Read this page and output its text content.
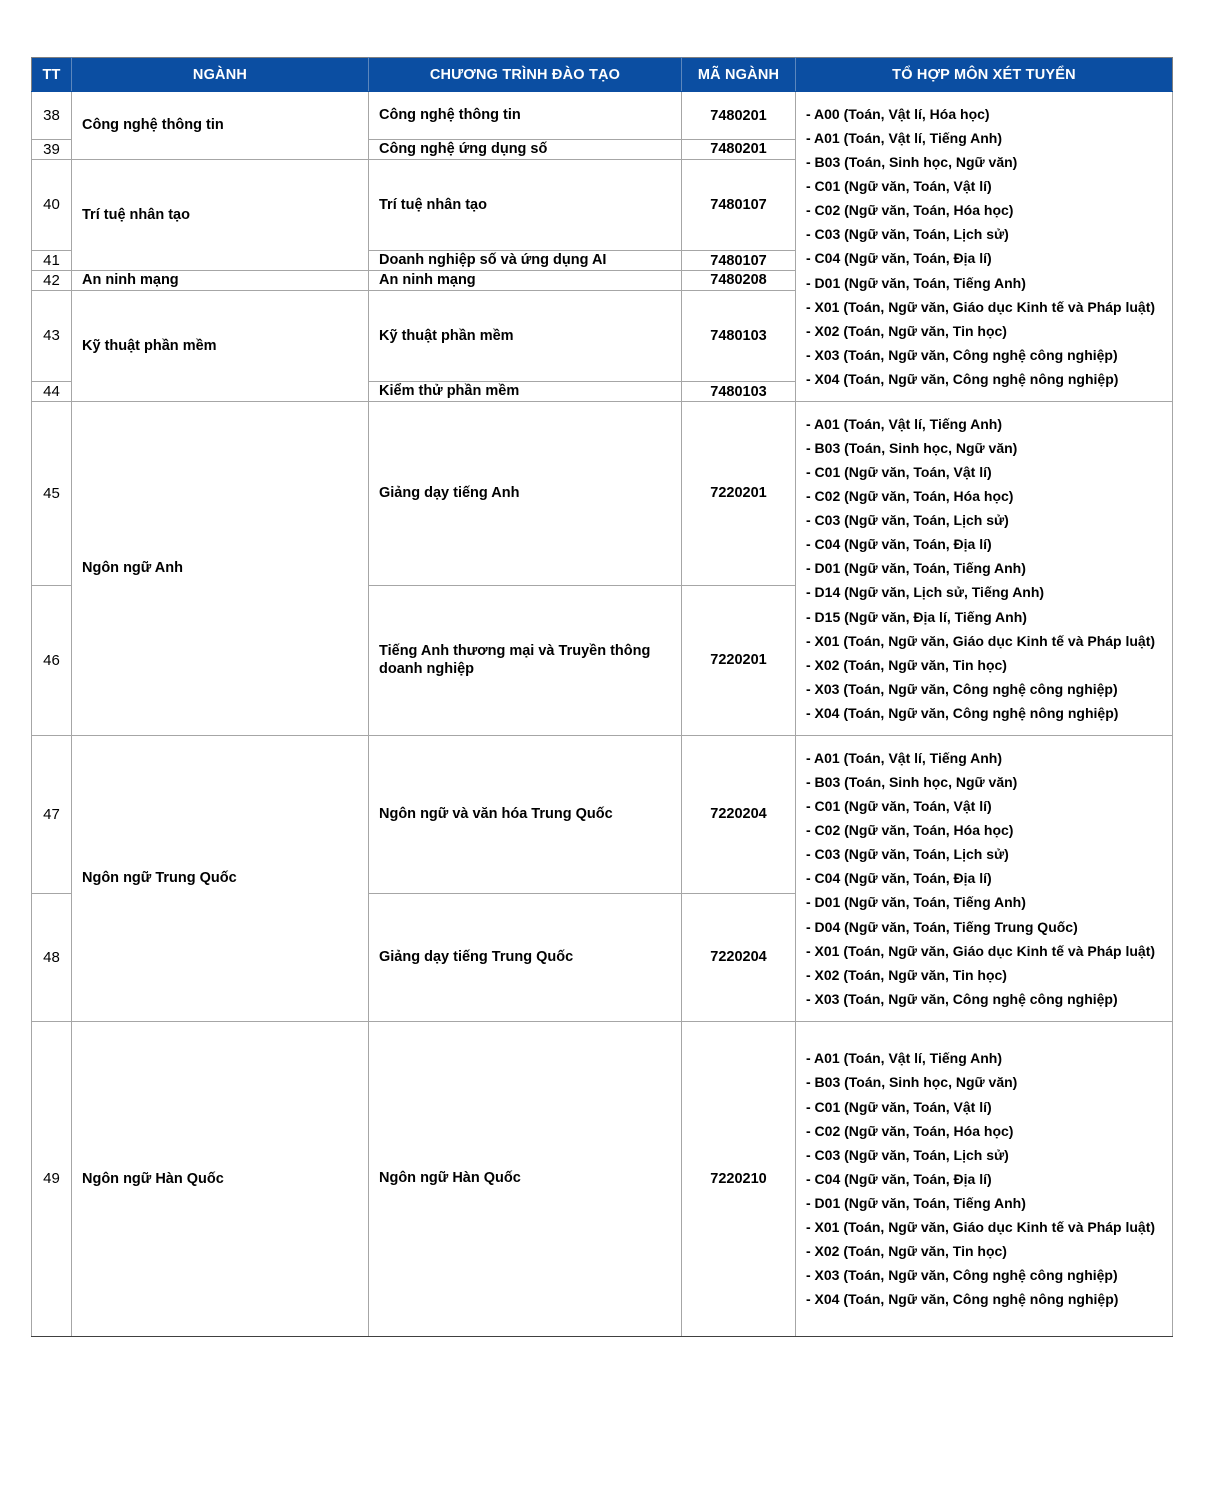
TT	NGÀNH	CHƯƠNG TRÌNH ĐÀO TẠO	MÃ NGÀNH	TỔ HỢP MÔN XÉT TUYỂN
38	Công nghệ thông tin	Công nghệ thông tin	7480201	- A00 (Toán, Vật lí, Hóa học)
- A01 (Toán, Vật lí, Tiếng Anh)
- B03 (Toán, Sinh học, Ngữ văn)
- C01 (Ngữ văn, Toán, Vật lí)
- C02 (Ngữ văn, Toán, Hóa học)
- C03 (Ngữ văn, Toán, Lịch sử)
- C04 (Ngữ văn, Toán, Địa lí)
- D01 (Ngữ văn, Toán, Tiếng Anh)
- X01 (Toán, Ngữ văn, Giáo dục Kinh tế và Pháp luật)
- X02 (Toán, Ngữ văn, Tin học)
- X03 (Toán, Ngữ văn, Công nghệ công nghiệp)
- X04 (Toán, Ngữ văn, Công nghệ nông nghiệp)

39		Công nghệ ứng dụng số	7480201	
40	Trí tuệ nhân tạo	Trí tuệ nhân tạo	7480107	
41		Doanh nghiệp số và ứng dụng AI	7480107	
42	An ninh mạng	An ninh mạng	7480208	
43	Kỹ thuật phần mềm	Kỹ thuật phần mềm	7480103	
44		Kiểm thử phần mềm	7480103	
45	Ngôn ngữ Anh	Giảng dạy tiếng Anh	7220201	
- A01 (Toán, Vật lí, Tiếng Anh)
- B03 (Toán, Sinh học, Ngữ văn)
- C01 (Ngữ văn, Toán, Vật lí)
- C02 (Ngữ văn, Toán, Hóa học)
- C03 (Ngữ văn, Toán, Lịch sử)
- C04 (Ngữ văn, Toán, Địa lí)
- D01 (Ngữ văn, Toán, Tiếng Anh)
- D14 (Ngữ văn, Lịch sử, Tiếng Anh)
- D15 (Ngữ văn, Địa lí, Tiếng Anh)
- X01 (Toán, Ngữ văn, Giáo dục Kinh tế và Pháp luật)
- X02 (Toán, Ngữ văn, Tin học)
- X03 (Toán, Ngữ văn, Công nghệ công nghiệp)
- X04 (Toán, Ngữ văn, Công nghệ nông nghiệp)

46		Tiếng Anh thương mại và Truyền thông doanh nghiệp	7220201	
47	Ngôn ngữ Trung Quốc	Ngôn ngữ và văn hóa Trung Quốc	7220204	
- A01 (Toán, Vật lí, Tiếng Anh)
- B03 (Toán, Sinh học, Ngữ văn)
- C01 (Ngữ văn, Toán, Vật lí)
- C02 (Ngữ văn, Toán, Hóa học)
- C03 (Ngữ văn, Toán, Lịch sử)
- C04 (Ngữ văn, Toán, Địa lí)
- D01 (Ngữ văn, Toán, Tiếng Anh)
- D04 (Ngữ văn, Toán, Tiếng Trung Quốc)
- X01 (Toán, Ngữ văn, Giáo dục Kinh tế và Pháp luật)
- X02 (Toán, Ngữ văn, Tin học)
- X03 (Toán, Ngữ văn, Công nghệ công nghiệp)

48		Giảng dạy tiếng Trung Quốc	7220204	
49	Ngôn ngữ Hàn Quốc	Ngôn ngữ Hàn Quốc	7220210	
- A01 (Toán, Vật lí, Tiếng Anh)
- B03 (Toán, Sinh học, Ngữ văn)
- C01 (Ngữ văn, Toán, Vật lí)
- C02 (Ngữ văn, Toán, Hóa học)
- C03 (Ngữ văn, Toán, Lịch sử)
- C04 (Ngữ văn, Toán, Địa lí)
- D01 (Ngữ văn, Toán, Tiếng Anh)
- X01 (Toán, Ngữ văn, Giáo dục Kinh tế và Pháp luật)
- X02 (Toán, Ngữ văn, Tin học)
- X03 (Toán, Ngữ văn, Công nghệ công nghiệp)
- X04 (Toán, Ngữ văn, Công nghệ nông nghiệp)
